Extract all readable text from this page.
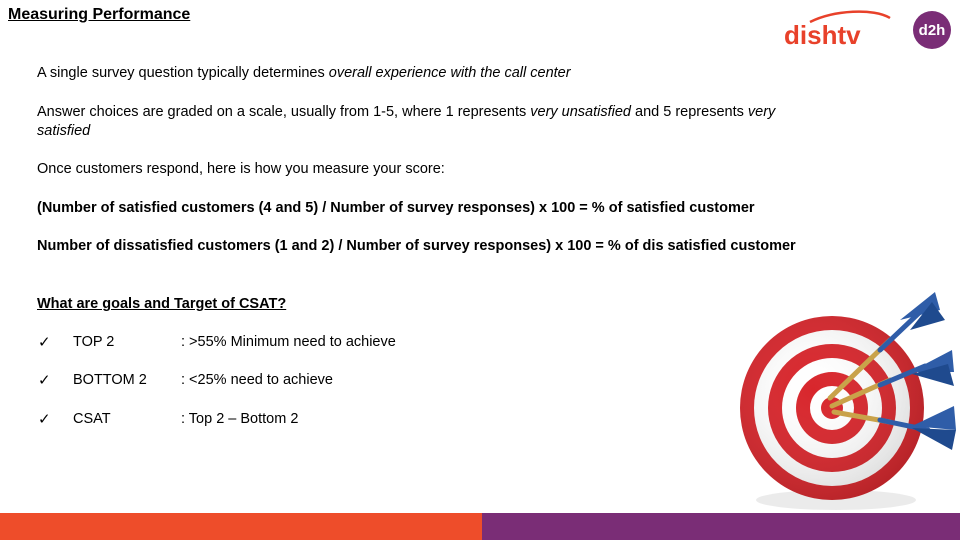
Measuring Performance
dishtv	d2h
A single survey question typically determines overall experience with the call center
Answer choices are graded on a scale, usually from 1-5, where 1 represents very unsatisfied and 5 represents very satisfied
Once customers respond, here is how you measure your score:
(Number of satisfied customers (4 and 5) / Number of survey responses) x 100 = % of satisfied customer
Number of dissatisfied customers (1 and 2) / Number of survey responses) x 100 = % of dis satisfied customer
What are goals and Target of CSAT?
✓ TOP 2	: >55% Minimum need to achieve
✓ BOTTOM 2 : <25% need to achieve
✓ CSAT	: Top 2 – Bottom 2
